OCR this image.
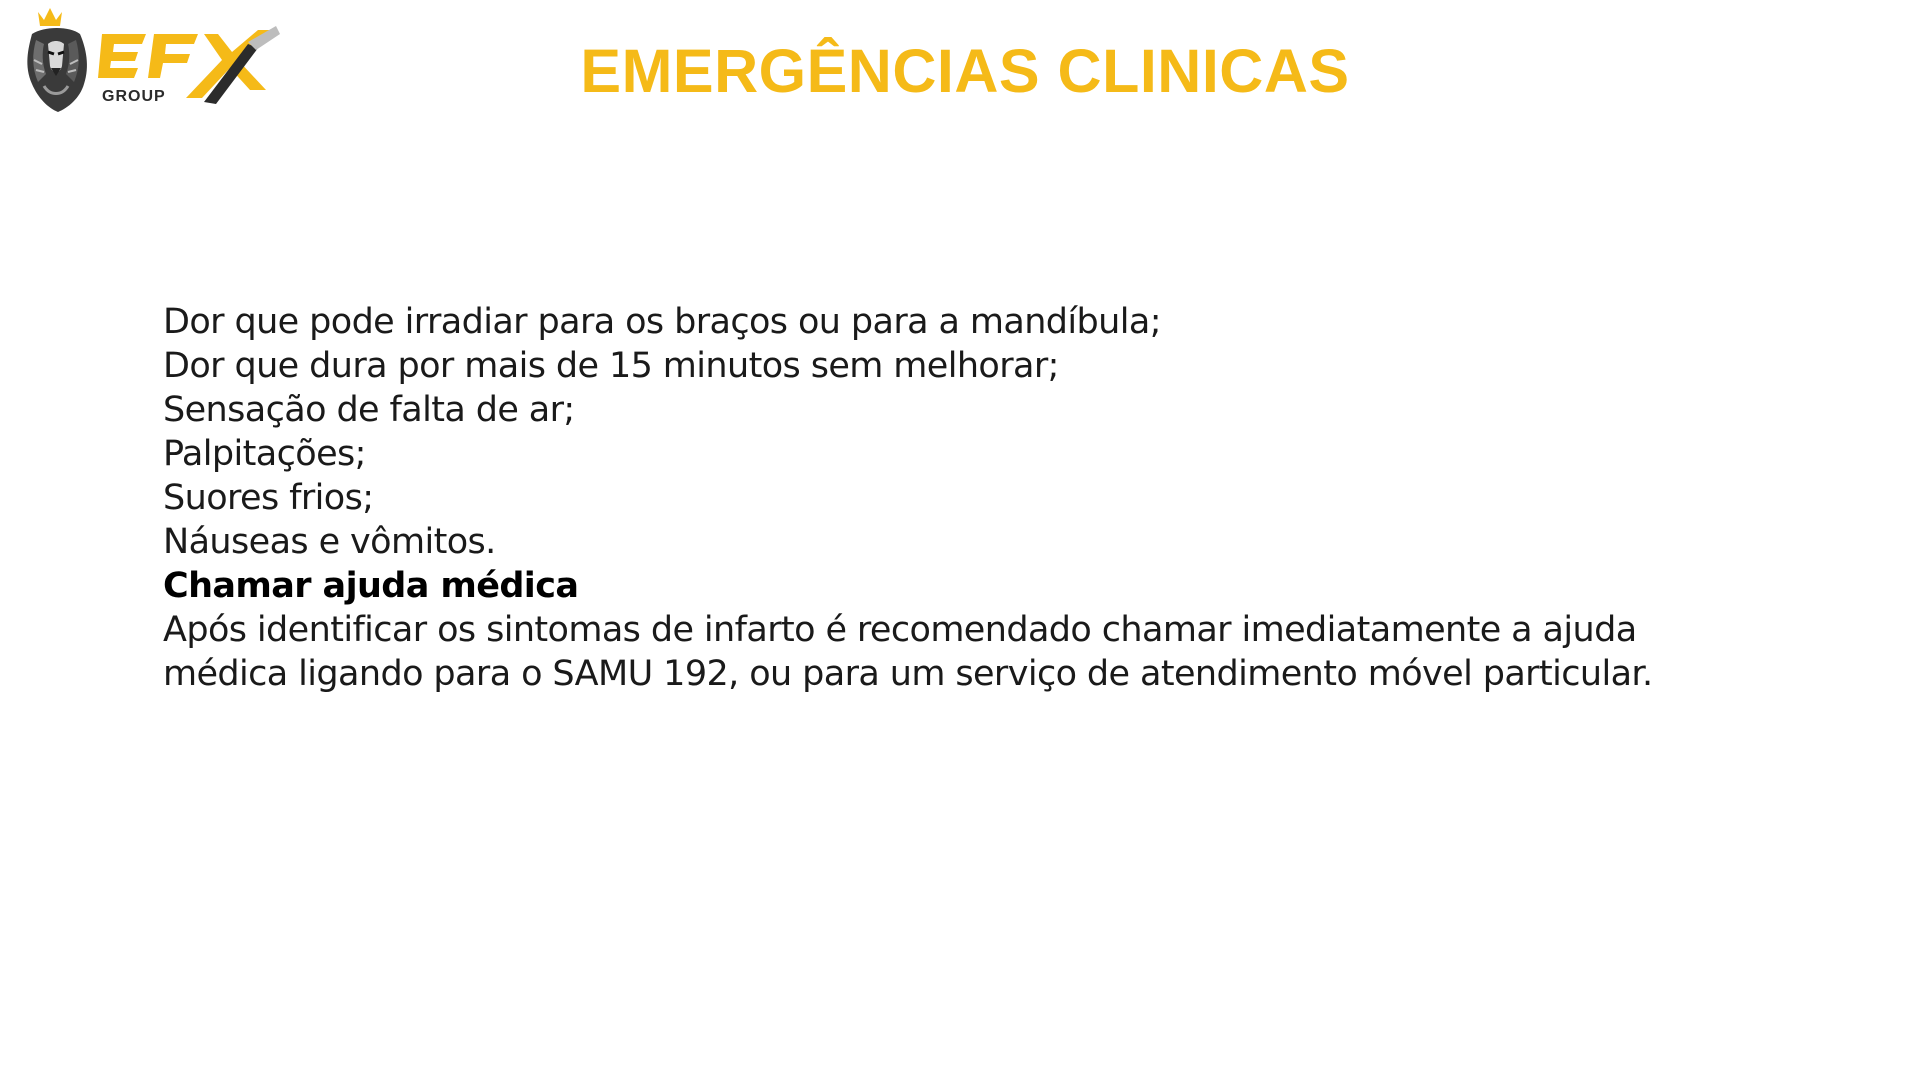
GROUP	EMERGÊNCIAS CLINICAS
Dor que pode irradiar para os braços ou para a mandíbula;
Dor que dura por mais de 15 minutos sem melhorar;
Sensação de falta de ar;
Palpitações;
Suores frios;
Náuseas e vômitos.
Chamar ajuda médica
Após identificar os sintomas de infarto é recomendado chamar imediatamente a ajuda médica ligando para o SAMU 192, ou para um serviço de atendimento móvel particular.
